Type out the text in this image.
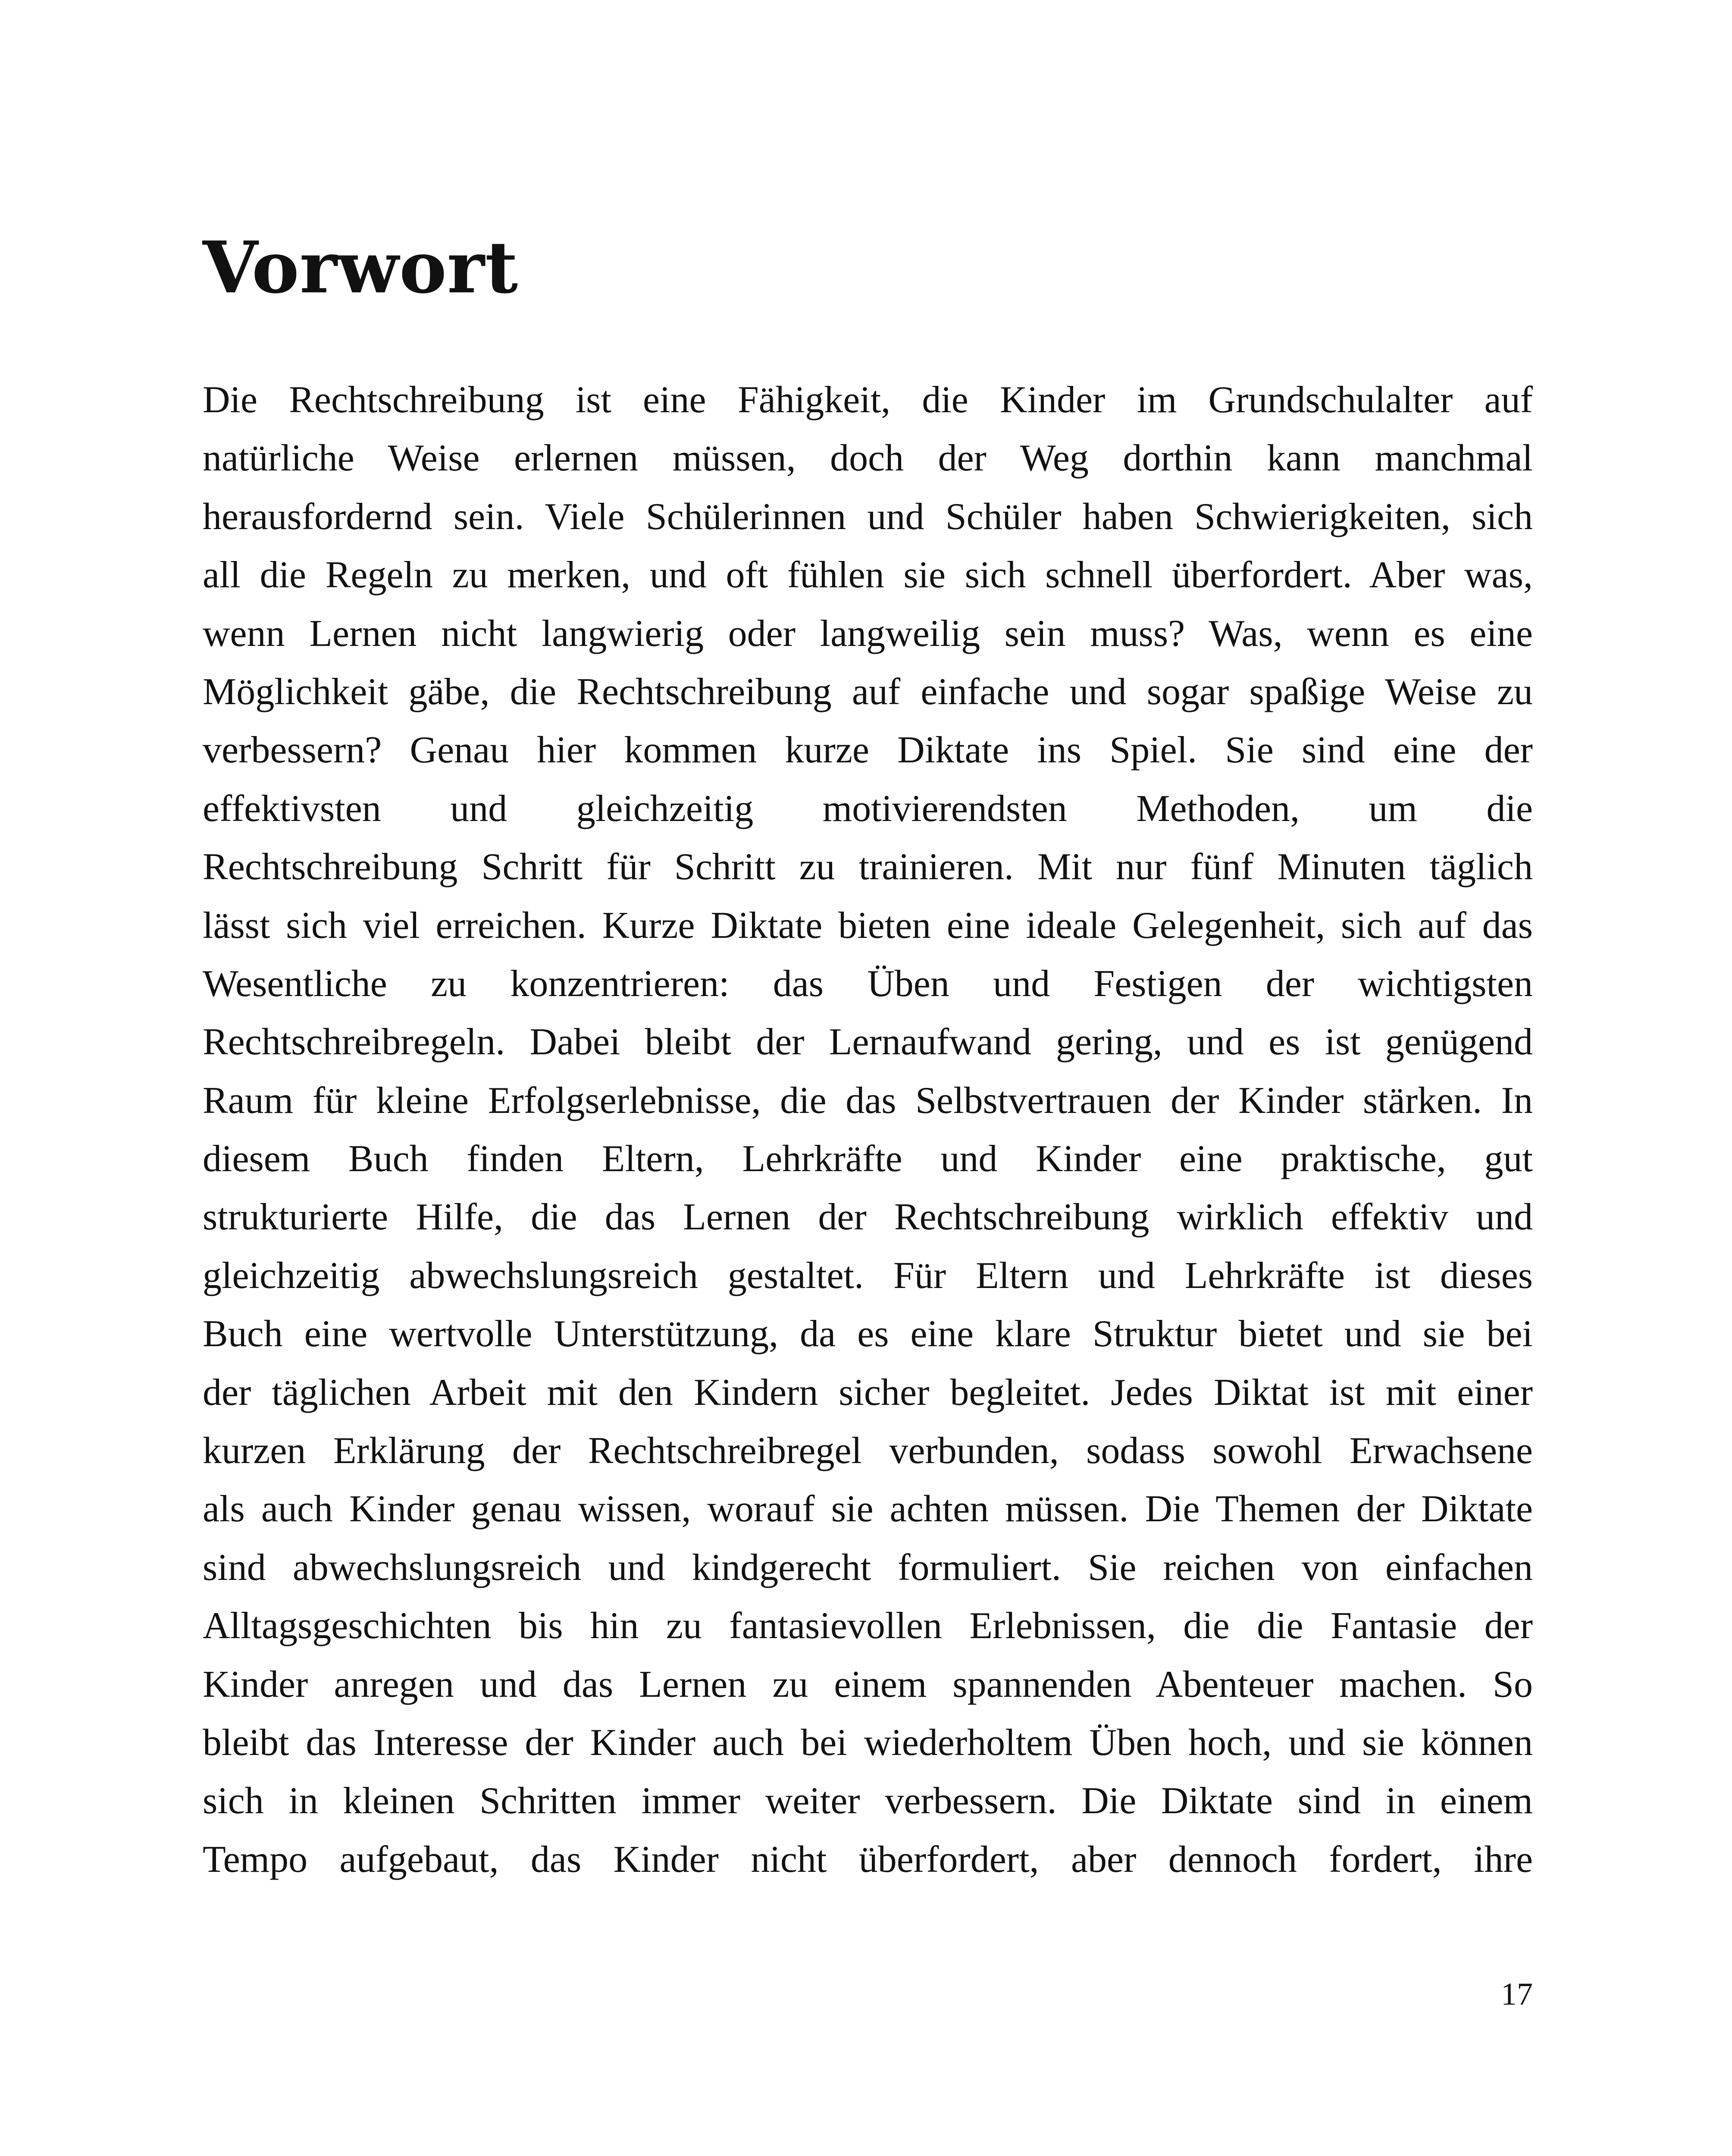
Vorwort
Die Rechtschreibung ist eine Fähigkeit, die Kinder im Grundschulalter auf
natürliche Weise erlernen müssen, doch der Weg dorthin kann manchmal
herausfordernd sein. Viele Schülerinnen und Schüler haben Schwierigkeiten, sich
all die Regeln zu merken, und oft fühlen sie sich schnell überfordert. Aber was,
wenn Lernen nicht langwierig oder langweilig sein muss? Was, wenn es eine
Möglichkeit gäbe, die Rechtschreibung auf einfache und sogar spaßige Weise zu
verbessern? Genau hier kommen kurze Diktate ins Spiel. Sie sind eine der
effektivsten und gleichzeitig motivierendsten Methoden, um die
Rechtschreibung Schritt für Schritt zu trainieren. Mit nur fünf Minuten täglich
lässt sich viel erreichen. Kurze Diktate bieten eine ideale Gelegenheit, sich auf das
Wesentliche zu konzentrieren: das Üben und Festigen der wichtigsten
Rechtschreibregeln. Dabei bleibt der Lernaufwand gering, und es ist genügend
Raum für kleine Erfolgserlebnisse, die das Selbstvertrauen der Kinder stärken. In
diesem Buch finden Eltern, Lehrkräfte und Kinder eine praktische, gut
strukturierte Hilfe, die das Lernen der Rechtschreibung wirklich effektiv und
gleichzeitig abwechslungsreich gestaltet. Für Eltern und Lehrkräfte ist dieses
Buch eine wertvolle Unterstützung, da es eine klare Struktur bietet und sie bei
der täglichen Arbeit mit den Kindern sicher begleitet. Jedes Diktat ist mit einer
kurzen Erklärung der Rechtschreibregel verbunden, sodass sowohl Erwachsene
als auch Kinder genau wissen, worauf sie achten müssen. Die Themen der Diktate
sind abwechslungsreich und kindgerecht formuliert. Sie reichen von einfachen
Alltagsgeschichten bis hin zu fantasievollen Erlebnissen, die die Fantasie der
Kinder anregen und das Lernen zu einem spannenden Abenteuer machen. So
bleibt das Interesse der Kinder auch bei wiederholtem Üben hoch, und sie können
sich in kleinen Schritten immer weiter verbessern. Die Diktate sind in einem
Tempo aufgebaut, das Kinder nicht überfordert, aber dennoch fordert, ihre
17
